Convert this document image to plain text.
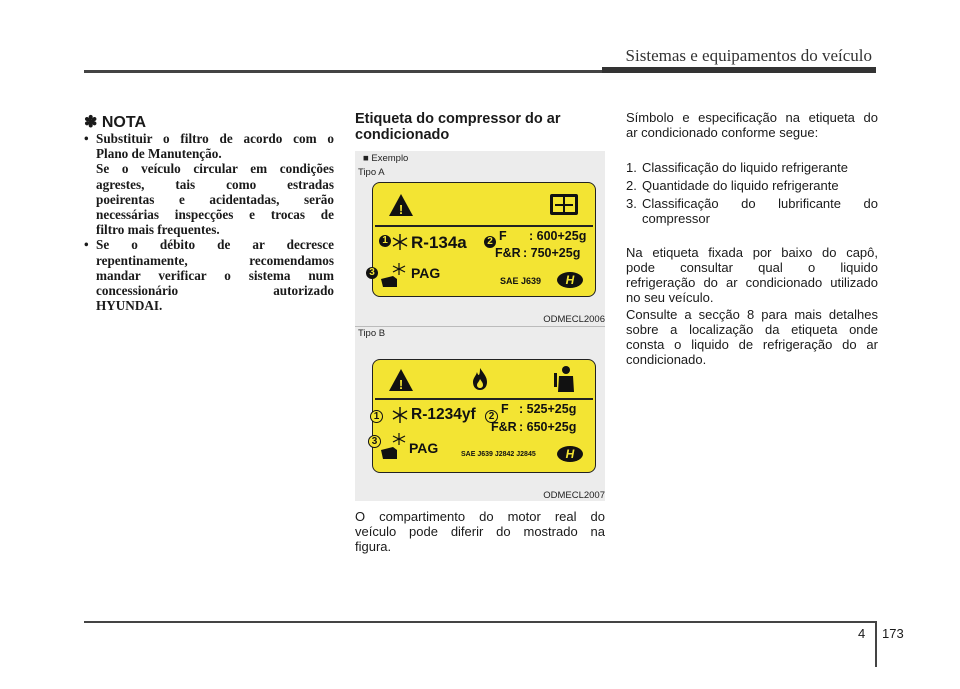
Sistemas e equipamentos do veículo
✽ NOTA
• Substituir o filtro de acordo com o
Plano de Manutenção.
Se o veículo circular em condições
agrestes, tais como estradas
poeirentas e acidentadas, serão
necessárias inspecções e trocas de
filtro mais frequentes.
• Se o débito de ar decresce
repentinamente, recomendamos
mandar verificar o sistema num
concessionário autorizado
HYUNDAI.
Etiqueta do compressor do ar
condicionado
■ Exemplo
Tipo A
ODMECL2006
Tipo B
ODMECL2007
!
1 R-134a	2 F : 600+25g
F&R : 750+25g
3	PAG	SAE J639	H
!
1 R-1234yf	2
F : 525+25g
F&R : 650+25g
3 PAG	SAE J639 J2842 J2845	H
O compartimento do motor real do
veículo pode diferir do mostrado na
figura.
Símbolo e especificação na etiqueta do
ar condicionado conforme segue:
1. Classificação do liquido refrigerante
2. Quantidade do liquido refrigerante
3. Classificação do lubrificante do
compressor
Na etiqueta fixada por baixo do capô,
pode consultar qual o liquido
refrigeração do ar condicionado utilizado
no seu veículo.
Consulte a secção 8 para mais detalhes
sobre a localização da etiqueta onde
consta o liquido de refrigeração do ar
condicionado.
4 173
